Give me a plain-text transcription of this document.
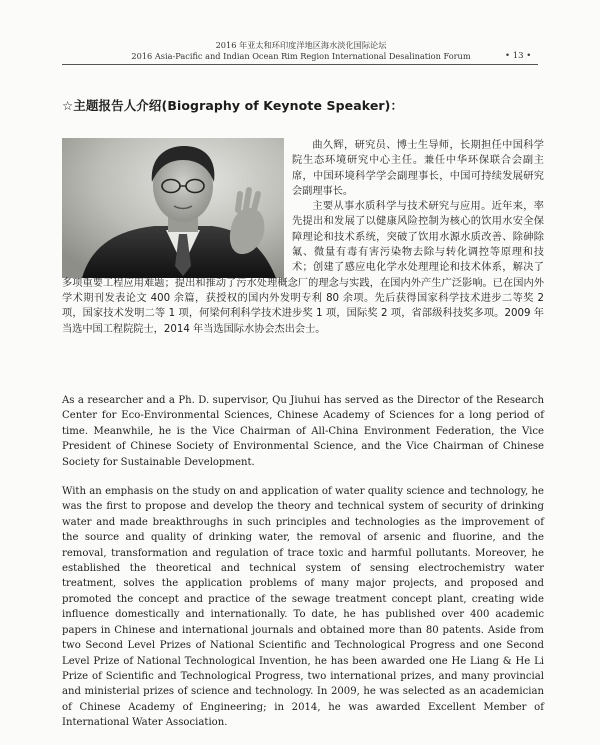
2016 年亚太和环印度洋地区海水淡化国际论坛
2016 Asia-Pacific and Indian Ocean Rim Region International Desalination Forum	• 13 •
☆主题报告人介绍(Biography of Keynote Speaker)：

曲久辉，研究员、博士生导师，长期担任中国科学院生态环境研究中心主任。兼任中华环保联合会副主席，中国环境科学学会副理事长，中国可持续发展研究会副理事长。

主要从事水质科学与技术研究与应用。近年来，率先提出和发展了以健康风险控制为核心的饮用水安全保障理论和技术系统，突破了饮用水源水质改善、除砷除氟、微量有毒有害污染物去除与转化调控等原理和技术；创建了感应电化学水处理理论和技术体系，解决了多项重要工程应用难题；提出和推动了污水处理概念厂的理念与实践，在国内外产生广泛影响。已在国内外学术期刊发表论文 400 余篇，获授权的国内外发明专利 80 余项。先后获得国家科学技术进步二等奖 2 项，国家技术发明二等 1 项，何梁何利科学技术进步奖 1 项，国际奖 2 项，省部级科技奖多项。2009 年当选中国工程院院士，2014 年当选国际水协会杰出会士。

As a researcher and a Ph. D. supervisor, Qu Jiuhui has served as the Director of the Research Center for Eco-Environmental Sciences, Chinese Academy of Sciences for a long period of time. Meanwhile, he is the Vice Chairman of All-China Environment Federation, the Vice President of Chinese Society of Environmental Science, and the Vice Chairman of Chinese Society for Sustainable Development.

With an emphasis on the study on and application of water quality science and technology, he was the first to propose and develop the theory and technical system of security of drinking water and made breakthroughs in such principles and technologies as the improvement of the source and quality of drinking water, the removal of arsenic and fluorine, and the removal, transformation and regulation of trace toxic and harmful pollutants. Moreover, he established the theoretical and technical system of sensing electrochemistry water treatment, solves the application problems of many major projects, and proposed and promoted the concept and practice of the sewage treatment concept plant, creating wide influence domestically and internationally. To date, he has published over 400 academic papers in Chinese and international journals and obtained more than 80 patents. Aside from two Second Level Prizes of National Scientific and Technological Progress and one Second Level Prize of National Technological Invention, he has been awarded one He Liang & He Li Prize of Scientific and Technological Progress, two international prizes, and many provincial and ministerial prizes of science and technology. In 2009, he was selected as an academician of Chinese Academy of Engineering; in 2014, he was awarded Excellent Member of International Water Association.
